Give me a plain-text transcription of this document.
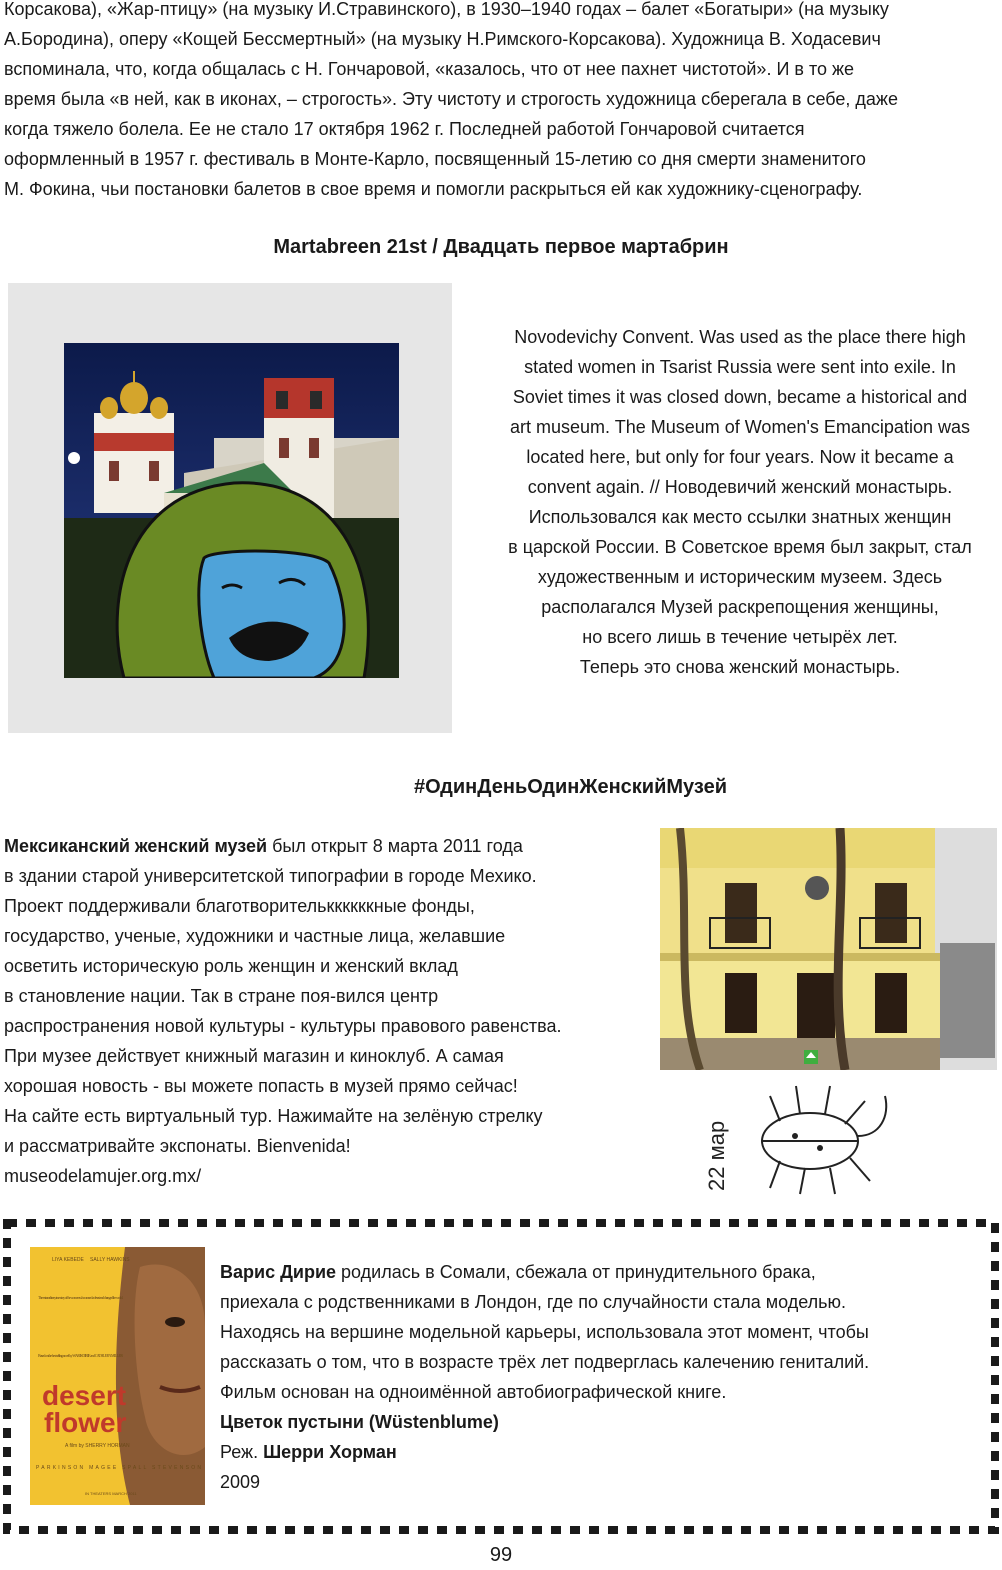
Корсакова), «Жар-птицу» (на музыку И.Стравинского), в 1930–1940 годах – балет «Богатыри» (на музыку

А.Бородина), оперу «Кощей Бессмертный» (на музыку Н.Римского-Корсакова). Художница В. Ходасевич

вспоминала, что, когда общалась с Н. Гончаровой, «казалось, что от нее пахнет чистотой». И в то же

время была «в ней, как в иконах, – строгость». Эту чистоту и строгость художница сберегала в себе, даже

когда тяжело болела. Ее не стало 17 октября 1962 г. Последней работой Гончаровой считается

оформленный в 1957 г. фестиваль в Монте-Карло, посвященный 15-летию со дня смерти знаменитого

М. Фокина, чьи постановки балетов в свое время и помогли раскрыться ей как художнику-сценографу.

Martabreen 21st / Двадцать первое мартабрин

Novodevichy Convent. Was used as the place there high

stated women in Tsarist Russia were sent into exile. In

Soviet times it was closed down, became a historical and

art museum. The Museum of Women's Emancipation was

located here, but only for four years. Now it became a

convent again. // Новодевичий женский монастырь.

Использовался как место ссылки знатных женщин

в царской России. В Советское время был закрыт, стал

художественным и историческим музеем. Здесь

располагался Музей раскрепощения женщины,

но всего лишь в течение четырёх лет.

Теперь это снова женский монастырь.

#ОдинДеньОдинЖенскийМузей

Мексиканский женский музей был открыт 8 марта 2011 года

в здании старой университетской типографии в городе Мехико.

Проект поддерживали благотворительккккккные фонды,

государство, ученые, художники и частные лица, желавшие

осветить историческую роль женщин и женский вклад

в становление нации. Так в стране поя-вился центр

распространения новой культуры - культуры правового равенства.

При музее действует книжный магазин и киноклуб. А самая

хорошая новость - вы можете попасть в музей прямо сейчас!

На сайте есть виртуальный тур. Нажимайте на зелёную стрелку

и рассматривайте экспонаты. Bienvenida!

museodelamujer.org.mx/	22 мар
LIYA KEBEDE SALLY HAWKINS
The extraordinary true story of the woman who crossed a desert and changed the world.
Based on the bestselling novel by WARIS DIRIE and CATHLEEN MILLER
desert
flower
A film by SHERRY HORMAN
PARKINSON MAGEE SPALL STEVENSON
IN THEATERS MARCH 2011

Варис Дирие родилась в Сомали, сбежала от принудительного брака,

приехала с родственниками в Лондон, где по случайности стала моделью.

Находясь на вершине модельной карьеры, использовала этот момент, чтобы

рассказать о том, что в возрасте трёх лет подверглась калечению гениталий.

Фильм основан на одноимённой автобиографической книге.

Цветок пустыни (Wüstenblume)

Реж. Шерри Хорман

2009

99
